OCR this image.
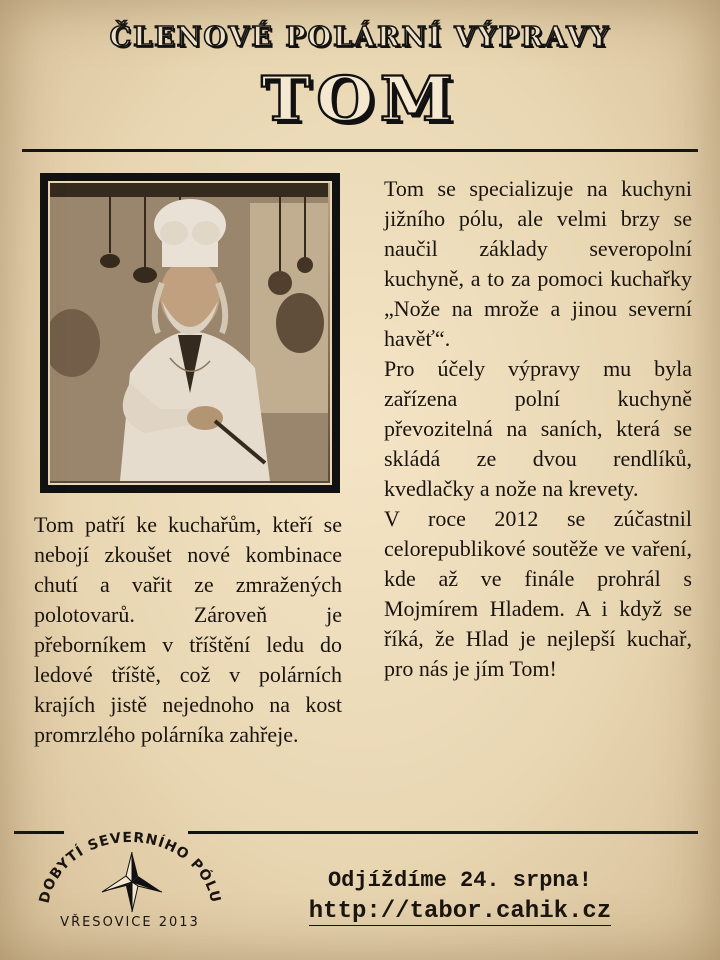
ČLENOVÉ POLÁRNÍ VÝPRAVY
TOM

Tom se specializuje na kuchyni jižního pólu, ale velmi brzy se naučil základy severopolní kuchyně, a to za pomoci kuchařky „Nože na mrože a jinou severní havěť“.

Pro účely výpravy mu byla zařízena polní kuchyně převozitelná na saních, která se skládá ze dvou rendlíků, kvedlačky a nože na krevety.

V roce 2012 se zúčastnil celorepublikové soutěže ve vaření, kde až ve finále prohrál s Mojmírem Hladem. A i když se říká, že Hlad je nejlepší kuchař, pro nás je jím Tom!

Tom patří ke kuchařům, kteří se nebojí zkoušet nové kombinace chutí a vařit ze zmražených polotovarů. Zároveň je přeborníkem v tříštění ledu do ledové tříště, což v polárních krajích jistě nejednoho na kost promrzlého polárníka zahřeje.

DOBYTÍ SEVERNÍHO PÓLU
VŘESOVICE 2013
Odjíždíme 24. srpna!
http://tabor.cahik.cz
